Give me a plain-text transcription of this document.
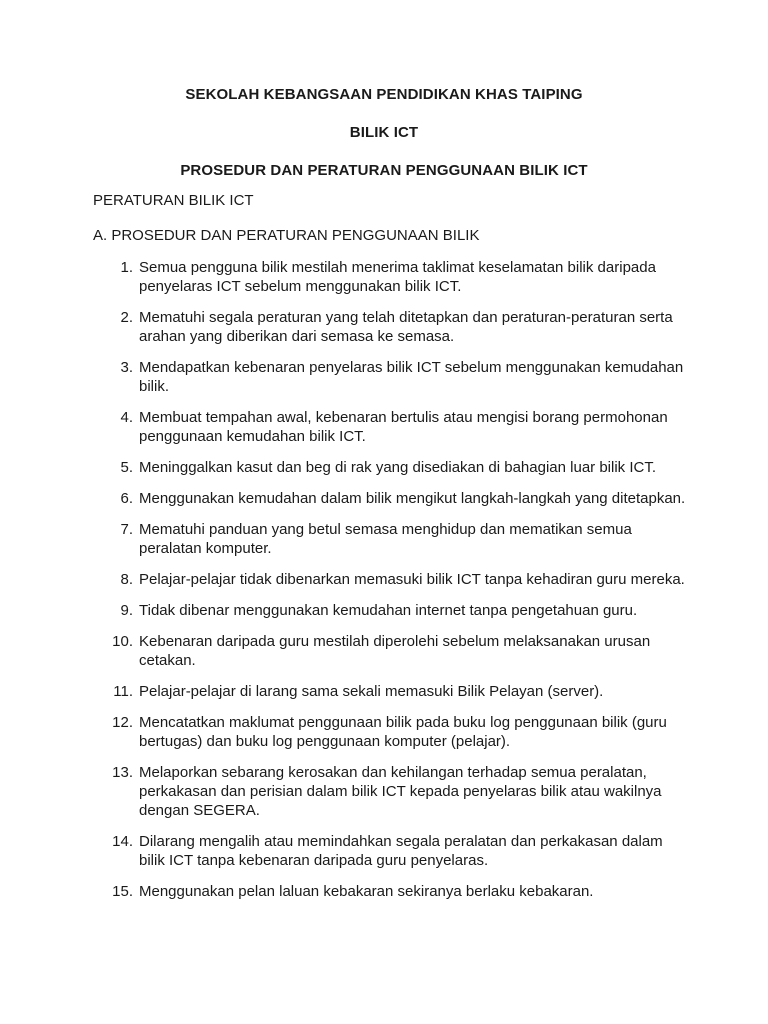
SEKOLAH KEBANGSAAN PENDIDIKAN KHAS TAIPING

BILIK ICT

PROSEDUR DAN PERATURAN PENGGUNAAN BILIK ICT

PERATURAN BILIK ICT

A. PROSEDUR DAN PERATURAN PENGGUNAAN BILIK

1. Semua pengguna bilik mestilah menerima taklimat keselamatan bilik daripada penyelaras ICT sebelum menggunakan bilik ICT.
2. Mematuhi segala peraturan yang telah ditetapkan dan peraturan-peraturan serta arahan yang diberikan dari semasa ke semasa.
3. Mendapatkan kebenaran penyelaras bilik ICT sebelum menggunakan kemudahan bilik.
4. Membuat tempahan awal, kebenaran bertulis atau mengisi borang permohonan penggunaan kemudahan bilik ICT.
5. Meninggalkan kasut dan beg di rak yang disediakan di bahagian luar bilik ICT.
6. Menggunakan kemudahan dalam bilik mengikut langkah-langkah yang ditetapkan.
7. Mematuhi panduan yang betul semasa menghidup dan mematikan semua peralatan komputer.
8. Pelajar-pelajar tidak dibenarkan memasuki bilik ICT tanpa kehadiran guru mereka.
9. Tidak dibenar menggunakan kemudahan internet tanpa pengetahuan guru.
10. Kebenaran daripada guru mestilah diperolehi sebelum melaksanakan urusan cetakan.
11. Pelajar-pelajar di larang sama sekali memasuki Bilik Pelayan (server).
12. Mencatatkan maklumat penggunaan bilik pada buku log penggunaan bilik (guru bertugas) dan buku log penggunaan komputer (pelajar).
13. Melaporkan sebarang kerosakan dan kehilangan terhadap semua peralatan, perkakasan dan perisian dalam bilik ICT kepada penyelaras bilik atau wakilnya dengan SEGERA.
14. Dilarang mengalih atau memindahkan segala peralatan dan perkakasan dalam bilik ICT tanpa kebenaran daripada guru penyelaras.
15. Menggunakan pelan laluan kebakaran sekiranya berlaku kebakaran.
